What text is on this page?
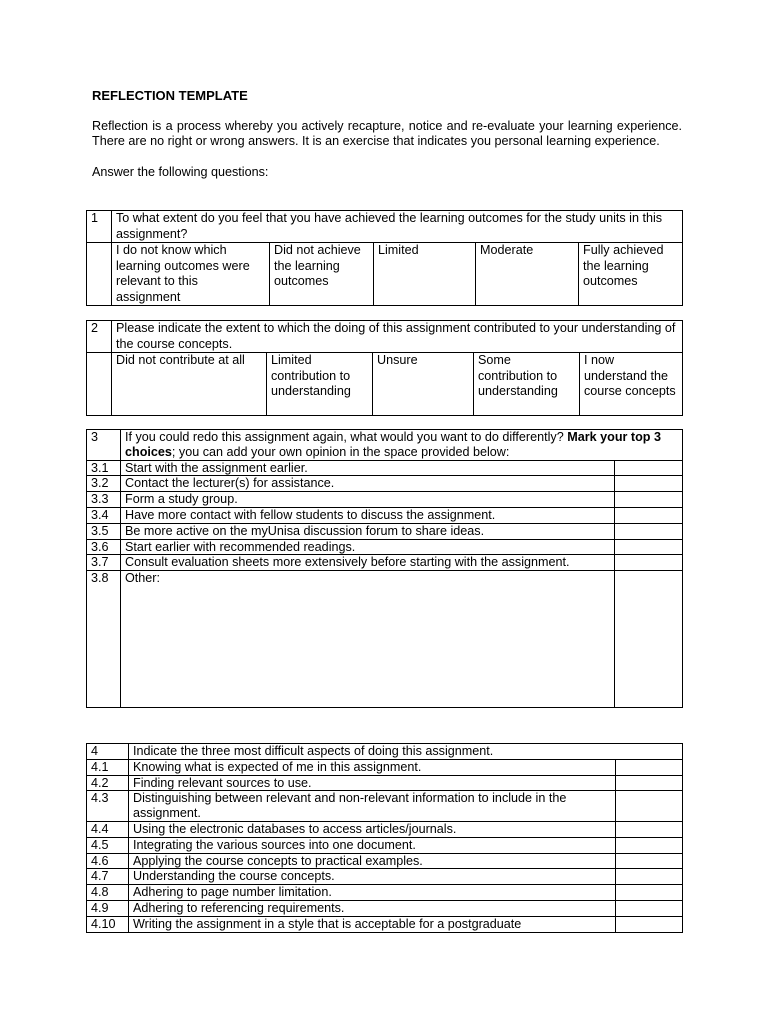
REFLECTION TEMPLATE

Reflection is a process whereby you actively recapture, notice and re-evaluate your learning experience. There are no right or wrong answers. It is an exercise that indicates you personal learning experience.
Answer the following questions:
1	To what extent do you feel that you have achieved the learning outcomes for the study units in this assignment?				
	I do not know which learning outcomes were relevant to this assignment	Did not achieve the learning outcomes	Limited	Moderate	Fully achieved the learning outcomes
2	Please indicate the extent to which the doing of this assignment contributed to your understanding of the course concepts.				
	Did not contribute at all	Limited contribution to understanding	Unsure	Some contribution to understanding	I now understand the course concepts
3	If you could redo this assignment again, what would you want to do differently? Mark your top 3 choices; you can add your own opinion in the space provided below:	
3.1	Start with the assignment earlier.	
3.2	Contact the lecturer(s) for assistance.	
3.3	Form a study group.	
3.4	Have more contact with fellow students to discuss the assignment.	
3.5	Be more active on the myUnisa discussion forum to share ideas.	
3.6	Start earlier with recommended readings.	
3.7	Consult evaluation sheets more extensively before starting with the assignment.	
3.8	Other:	
4	Indicate the three most difficult aspects of doing this assignment.	
4.1	Knowing what is expected of me in this assignment.	
4.2	Finding relevant sources to use.	
4.3	Distinguishing between relevant and non-relevant information to include in the assignment.	
4.4	Using the electronic databases to access articles/journals.	
4.5	Integrating the various sources into one document.	
4.6	Applying the course concepts to practical examples.	
4.7	Understanding the course concepts.	
4.8	Adhering to page number limitation.	
4.9	Adhering to referencing requirements.	
4.10	Writing the assignment in a style that is acceptable for a postgraduate	
